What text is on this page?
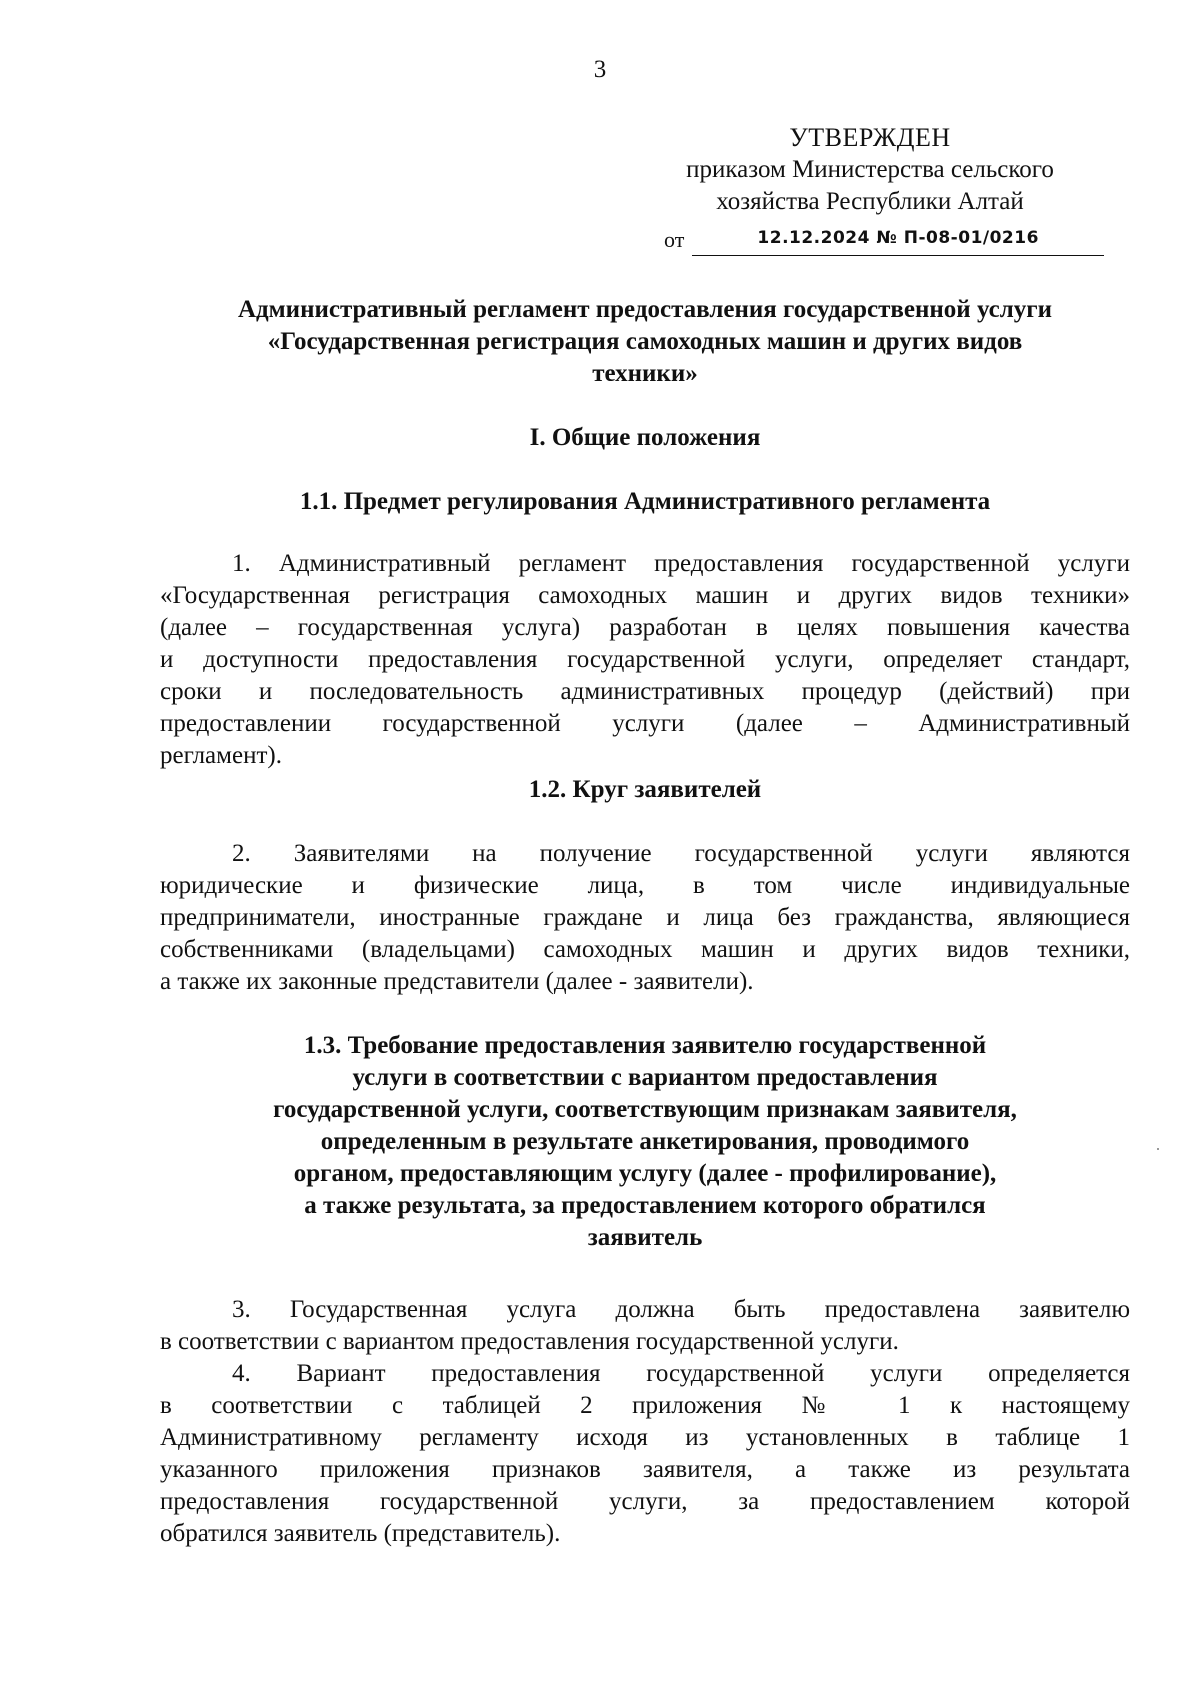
3
УТВЕРЖДЕН
приказом Министерства сельского
хозяйства Республики Алтай
от	12.12.2024 № П-08-01/0216
Административный регламент предоставления государственной услуги
«Государственная регистрация самоходных машин и других видов
техники»
I. Общие положения
1.1. Предмет регулирования Административного регламента
1. Административный регламент предоставления государственной услуги
«Государственная регистрация самоходных машин и других видов техники»
(далее – государственная услуга) разработан в целях повышения качества
и доступности предоставления государственной услуги, определяет стандарт,
сроки и последовательность административных процедур (действий) при
предоставлении государственной услуги (далее – Административный
регламент).
1.2. Круг заявителей
2. Заявителями на получение государственной услуги являются
юридические и физические лица, в том числе индивидуальные
предприниматели, иностранные граждане и лица без гражданства, являющиеся
собственниками (владельцами) самоходных машин и других видов техники,
а также их законные представители (далее - заявители).
1.3. Требование предоставления заявителю государственной
услуги в соответствии с вариантом предоставления
государственной услуги, соответствующим признакам заявителя,
определенным в результате анкетирования, проводимого
органом, предоставляющим услугу (далее - профилирование),
а также результата, за предоставлением которого обратился
заявитель
3. Государственная услуга должна быть предоставлена заявителю
в соответствии с вариантом предоставления государственной услуги.
4. Вариант предоставления государственной услуги определяется
в соответствии с таблицей 2 приложения № 1 к настоящему
Административному регламенту исходя из установленных в таблице 1
указанного приложения признаков заявителя, а также из результата
предоставления государственной услуги, за предоставлением которой
обратился заявитель (представитель).
